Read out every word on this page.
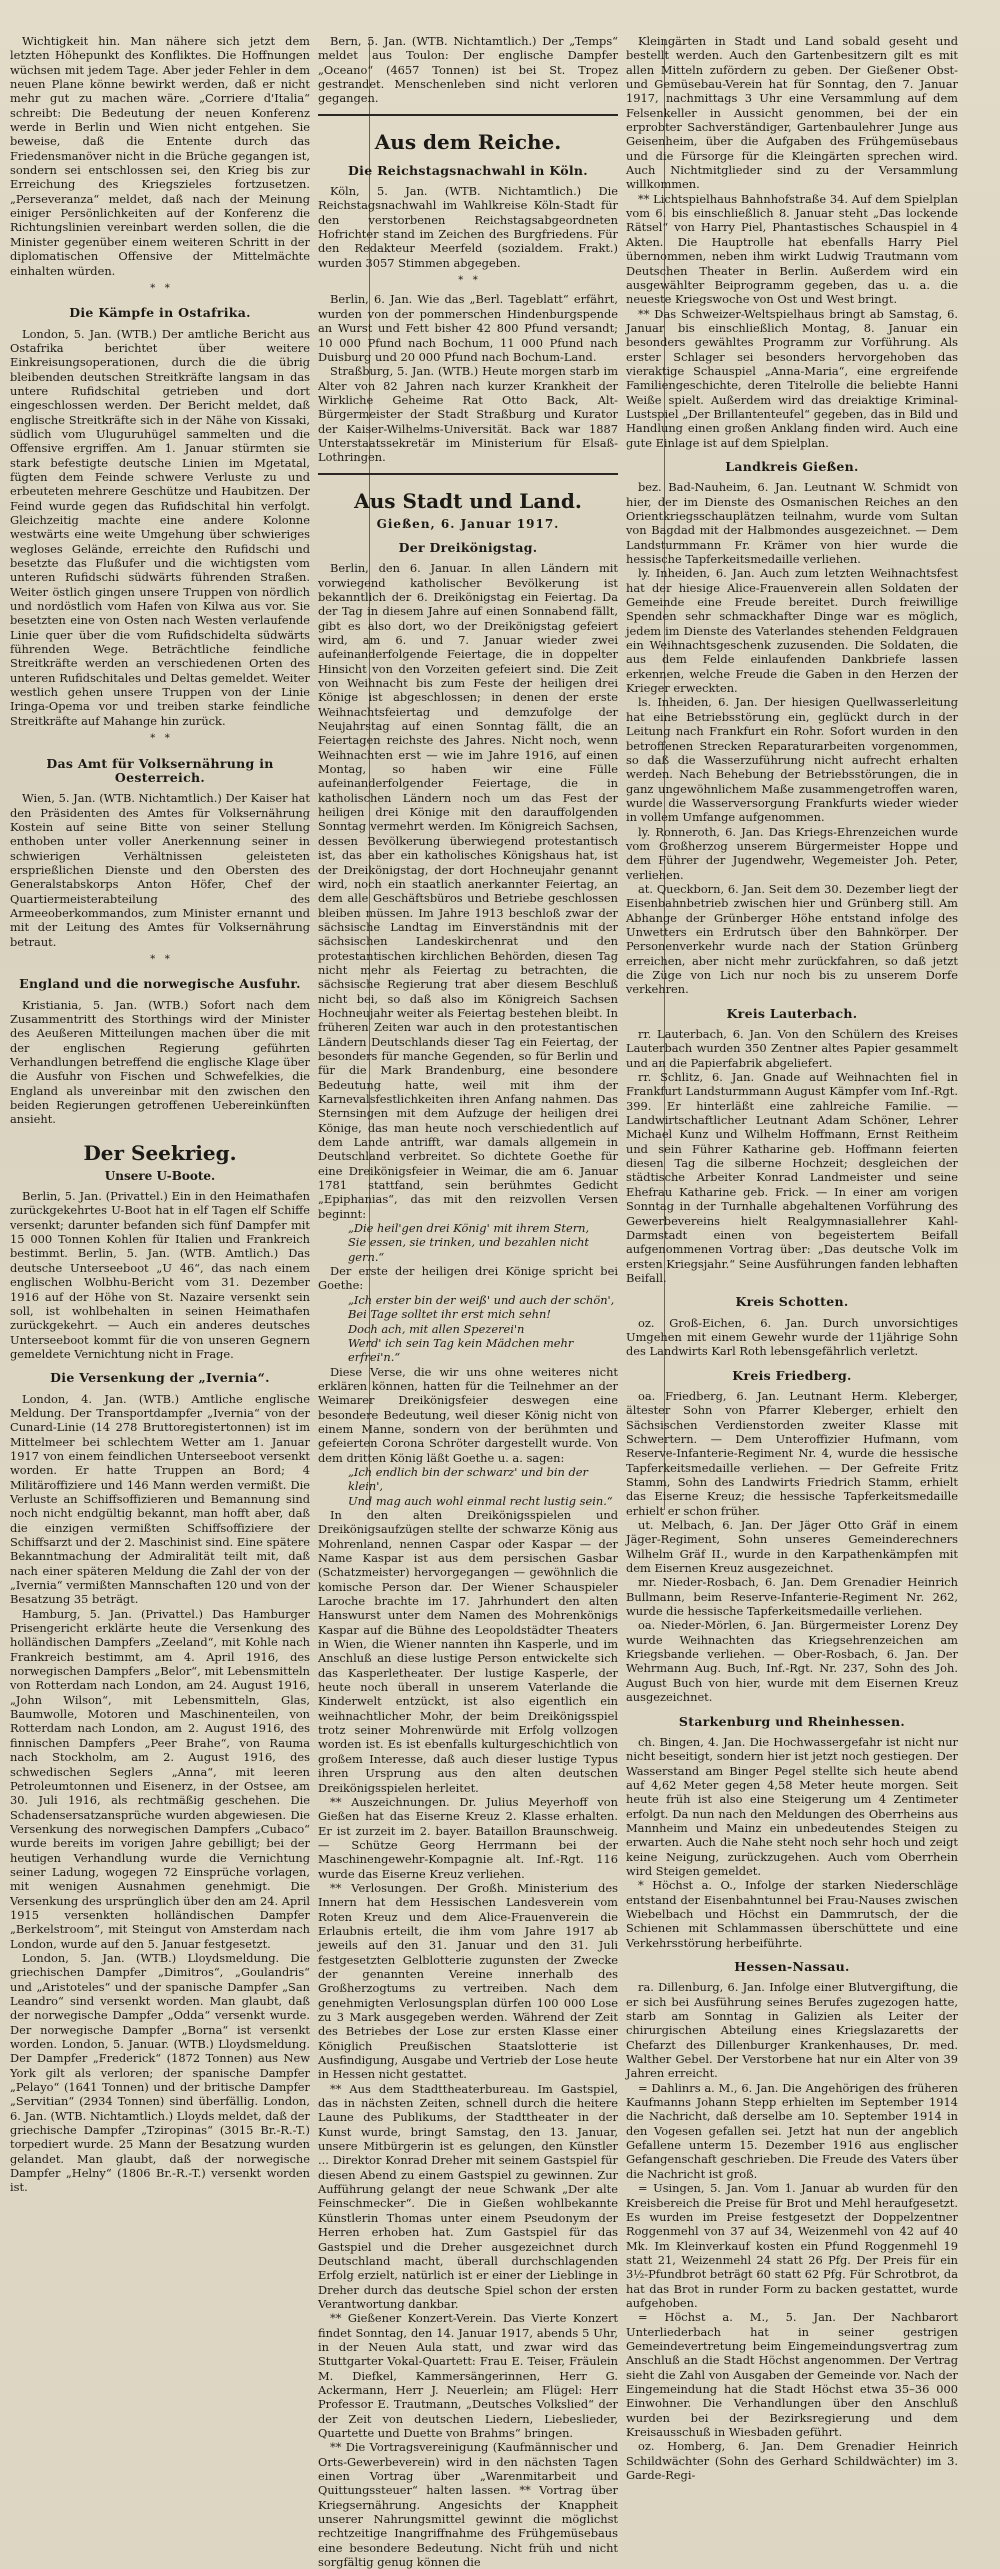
Wichtigkeit hin. Man nähere sich jetzt dem letzten Höhepunkt des Konfliktes. Die Hoffnungen wüchsen mit jedem Tage. Aber jeder Fehler in dem neuen Plane könne bewirkt werden, daß er nicht mehr gut zu machen wäre. „Corriere d'Italia“ schreibt: Die Bedeutung der neuen Konferenz werde in Berlin und Wien nicht entgehen. Sie beweise, daß die Entente durch das Friedensmanöver nicht in die Brüche gegangen ist, sondern sei entschlossen sei, den Krieg bis zur Erreichung des Kriegszieles fortzusetzen. „Perseveranza“ meldet, daß nach der Meinung einiger Persönlichkeiten auf der Konferenz die Richtungslinien vereinbart werden sollen, die die Minister gegenüber einem weiteren Schritt in der diplomatischen Offensive der Mittelmächte einhalten würden.

*   *
Die Kämpfe in Ostafrika.

London, 5. Jan. (WTB.) Der amtliche Bericht aus Ostafrika berichtet über weitere Einkreisungsoperationen, durch die die übrig bleibenden deutschen Streitkräfte langsam in das untere Rufidschital getrieben und dort eingeschlossen werden. Der Bericht meldet, daß englische Streitkräfte sich in der Nähe von Kissaki, südlich vom Uluguruhügel sammelten und die Offensive ergriffen. Am 1. Januar stürmten sie stark befestigte deutsche Linien im Mgetatal, fügten dem Feinde schwere Verluste zu und erbeuteten mehrere Geschütze und Haubitzen. Der Feind wurde gegen das Rufidschital hin verfolgt. Gleichzeitig machte eine andere Kolonne westwärts eine weite Umgehung über schwieriges wegloses Gelände, erreichte den Rufidschi und besetzte das Flußufer und die wichtigsten vom unteren Rufidschi südwärts führenden Straßen. Weiter östlich gingen unsere Truppen von nördlich und nordöstlich vom Hafen von Kilwa aus vor. Sie besetzten eine von Osten nach Westen verlaufende Linie quer über die vom Rufidschidelta südwärts führenden Wege. Beträchtliche feindliche Streitkräfte werden an verschiedenen Orten des unteren Rufidschitales und Deltas gemeldet. Weiter westlich gehen unsere Truppen von der Linie Iringa-Opema vor und treiben starke feindliche Streitkräfte auf Mahange hin zurück.

*   *
Das Amt für Volksernährung in Oesterreich.

Wien, 5. Jan. (WTB. Nichtamtlich.) Der Kaiser hat den Präsidenten des Amtes für Volksernährung Kostein auf seine Bitte von seiner Stellung enthoben unter voller Anerkennung seiner in schwierigen Verhältnissen geleisteten ersprießlichen Dienste und den Obersten des Generalstabskorps Anton Höfer, Chef der Quartiermeisterabteilung des Armeeoberkommandos, zum Minister ernannt und mit der Leitung des Amtes für Volksernährung betraut.

*   *
England und die norwegische Ausfuhr.

Kristiania, 5. Jan. (WTB.) Sofort nach dem Zusammentritt des Storthings wird der Minister des Aeußeren Mitteilungen machen über die mit der englischen Regierung geführten Verhandlungen betreffend die englische Klage über die Ausfuhr von Fischen und Schwefelkies, die England als unvereinbar mit den zwischen den beiden Regierungen getroffenen Uebereinkünften ansieht.

Der Seekrieg.
Unsere U-Boote.

Berlin, 5. Jan. (Privattel.) Ein in den Heimathafen zurückgekehrtes U-Boot hat in elf Tagen elf Schiffe versenkt; darunter befanden sich fünf Dampfer mit 15 000 Tonnen Kohlen für Italien und Frankreich bestimmt. Berlin, 5. Jan. (WTB. Amtlich.) Das deutsche Unterseeboot „U 46“, das nach einem englischen Wolbhu-Bericht vom 31. Dezember 1916 auf der Höhe von St. Nazaire versenkt sein soll, ist wohlbehalten in seinen Heimathafen zurückgekehrt. — Auch ein anderes deutsches Unterseeboot kommt für die von unseren Gegnern gemeldete Vernichtung nicht in Frage.

Die Versenkung der „Ivernia“.

London, 4. Jan. (WTB.) Amtliche englische Meldung. Der Transportdampfer „Ivernia“ von der Cunard-Linie (14 278 Bruttoregistertonnen) ist im Mittelmeer bei schlechtem Wetter am 1. Januar 1917 von einem feindlichen Unterseeboot versenkt worden. Er hatte Truppen an Bord; 4 Militäroffiziere und 146 Mann werden vermißt. Die Verluste an Schiffsoffizieren und Bemannung sind noch nicht endgültig bekannt, man hofft aber, daß die einzigen vermißten Schiffsoffiziere der Schiffsarzt und der 2. Maschinist sind. Eine spätere Bekanntmachung der Admiralität teilt mit, daß nach einer späteren Meldung die Zahl der von der „Ivernia“ vermißten Mannschaften 120 und von der Besatzung 35 beträgt.

Hamburg, 5. Jan. (Privattel.) Das Hamburger Prisengericht erklärte heute die Versenkung des holländischen Dampfers „Zeeland“, mit Kohle nach Frankreich bestimmt, am 4. April 1916, des norwegischen Dampfers „Belor“, mit Lebensmitteln von Rotterdam nach London, am 24. August 1916, „John Wilson“, mit Lebensmitteln, Glas, Baumwolle, Motoren und Maschinenteilen, von Rotterdam nach London, am 2. August 1916, des finnischen Dampfers „Peer Brahe“, von Rauma nach Stockholm, am 2. August 1916, des schwedischen Seglers „Anna“, mit leeren Petroleumtonnen und Eisenerz, in der Ostsee, am 30. Juli 1916, als rechtmäßig geschehen. Die Schadensersatzansprüche wurden abgewiesen. Die Versenkung des norwegischen Dampfers „Cubaco“ wurde bereits im vorigen Jahre gebilligt; bei der heutigen Verhandlung wurde die Vernichtung seiner Ladung, wogegen 72 Einsprüche vorlagen, mit wenigen Ausnahmen genehmigt. Die Versenkung des ursprünglich über den am 24. April 1915 versenkten holländischen Dampfer „Berkelstroom“, mit Steingut von Amsterdam nach London, wurde auf den 5. Januar festgesetzt.

London, 5. Jan. (WTB.) Lloydsmeldung. Die griechischen Dampfer „Dimitros“, „Goulandris“ und „Aristoteles“ und der spanische Dampfer „San Leandro“ sind versenkt worden. Man glaubt, daß der norwegische Dampfer „Odda“ versenkt wurde. Der norwegische Dampfer „Borna“ ist versenkt worden. London, 5. Januar. (WTB.) Lloydsmeldung. Der Dampfer „Frederick“ (1872 Tonnen) aus New York gilt als verloren; der spanische Dampfer „Pelayo“ (1641 Tonnen) und der britische Dampfer „Servitian“ (2934 Tonnen) sind überfällig. London, 6. Jan. (WTB. Nichtamtlich.) Lloyds meldet, daß der griechische Dampfer „Tziropinas“ (3015 Br.-R.-T.) torpediert wurde. 25 Mann der Besatzung wurden gelandet. Man glaubt, daß der norwegische Dampfer „Helny“ (1806 Br.-R.-T.) versenkt worden ist.

Bern, 5. Jan. (WTB. Nichtamtlich.) Der „Temps“ meldet aus Toulon: Der englische Dampfer „Oceano“ (4657 Tonnen) ist bei St. Tropez gestrandet. Menschenleben sind nicht verloren gegangen.

Aus dem Reiche.
Die Reichstagsnachwahl in Köln.

Köln, 5. Jan. (WTB. Nichtamtlich.) Die Reichstagsnachwahl im Wahlkreise Köln-Stadt für den verstorbenen Reichstagsabgeordneten Hofrichter stand im Zeichen des Burgfriedens. Für den Redakteur Meerfeld (sozialdem. Frakt.) wurden 3057 Stimmen abgegeben.

*   *

Berlin, 6. Jan. Wie das „Berl. Tageblatt“ erfährt, wurden von der pommerschen Hindenburgspende an Wurst und Fett bisher 42 800 Pfund versandt; 10 000 Pfund nach Bochum, 11 000 Pfund nach Duisburg und 20 000 Pfund nach Bochum-Land.

Straßburg, 5. Jan. (WTB.) Heute morgen starb im Alter von 82 Jahren nach kurzer Krankheit der Wirkliche Geheime Rat Otto Back, Alt-Bürgermeister der Stadt Straßburg und Kurator der Kaiser-Wilhelms-Universität. Back war 1887 Unterstaatssekretär im Ministerium für Elsaß-Lothringen.

Aus Stadt und Land.
Gießen, 6. Januar 1917.
Der Dreikönigstag.

Berlin, den 6. Januar. In allen Ländern mit vorwiegend katholischer Bevölkerung ist bekanntlich der 6. Dreikönigstag ein Feiertag. Da der Tag in diesem Jahre auf einen Sonnabend fällt, gibt es also dort, wo der Dreikönigstag gefeiert wird, am 6. und 7. Januar wieder zwei aufeinanderfolgende Feiertage, die in doppelter Hinsicht von den Vorzeiten gefeiert sind. Die Zeit von Weihnacht bis zum Feste der heiligen drei Könige ist abgeschlossen; in denen der erste Weihnachtsfeiertag und demzufolge der Neujahrstag auf einen Sonntag fällt, die an Feiertagen reichste des Jahres. Nicht noch, wenn Weihnachten erst — wie im Jahre 1916, auf einen Montag, so haben wir eine Fülle aufeinanderfolgender Feiertage, die in katholischen Ländern noch um das Fest der heiligen drei Könige mit den darauffolgenden Sonntag vermehrt werden. Im Königreich Sachsen, dessen Bevölkerung überwiegend protestantisch ist, das aber ein katholisches Königshaus hat, ist der Dreikönigstag, der dort Hochneujahr genannt wird, noch ein staatlich anerkannter Feiertag, an dem alle Geschäftsbüros und Betriebe geschlossen bleiben müssen. Im Jahre 1913 beschloß zwar der sächsische Landtag im Einverständnis mit der sächsischen Landeskirchenrat und den protestantischen kirchlichen Behörden, diesen Tag nicht mehr als Feiertag zu betrachten, die sächsische Regierung trat aber diesem Beschluß nicht bei, so daß also im Königreich Sachsen Hochneujahr weiter als Feiertag bestehen bleibt. In früheren Zeiten war auch in den protestantischen Ländern Deutschlands dieser Tag ein Feiertag, der besonders für manche Gegenden, so für Berlin und für die Mark Brandenburg, eine besondere Bedeutung hatte, weil mit ihm der Karnevalsfestlichkeiten ihren Anfang nahmen. Das Sternsingen mit dem Aufzuge der heiligen drei Könige, das man heute noch verschiedentlich auf dem Lande antrifft, war damals allgemein in Deutschland verbreitet. So dichtete Goethe für eine Dreikönigsfeier in Weimar, die am 6. Januar 1781 stattfand, sein berühmtes Gedicht „Epiphanias“, das mit den reizvollen Versen beginnt:

„Die heil'gen drei König' mit ihrem Stern,
Sie essen, sie trinken, und bezahlen nicht gern.“

Der erste der heiligen drei Könige spricht bei Goethe:

„Ich erster bin der weiß' und auch der schön',
Bei Tage solltet ihr erst mich sehn!
Doch ach, mit allen Spezerei'n
Werd' ich sein Tag kein Mädchen mehr erfrei'n.“

Diese Verse, die wir uns ohne weiteres nicht erklären können, hatten für die Teilnehmer an der Weimarer Dreikönigsfeier deswegen eine besondere Bedeutung, weil dieser König nicht von einem Manne, sondern von der berühmten und gefeierten Corona Schröter dargestellt wurde. Von dem dritten König läßt Goethe u. a. sagen:

„Ich endlich bin der schwarz' und bin der klein',
Und mag auch wohl einmal recht lustig sein.“

In den alten Dreikönigsspielen und Dreikönigsaufzügen stellte der schwarze König aus Mohrenland, nennen Caspar oder Kaspar — der Name Kaspar ist aus dem persischen Gasbar (Schatzmeister) hervorgegangen — gewöhnlich die komische Person dar. Der Wiener Schauspieler Laroche brachte im 17. Jahrhundert den alten Hanswurst unter dem Namen des Mohrenkönigs Kaspar auf die Bühne des Leopoldstädter Theaters in Wien, die Wiener nannten ihn Kasperle, und im Anschluß an diese lustige Person entwickelte sich das Kasperletheater. Der lustige Kasperle, der heute noch überall in unserem Vaterlande die Kinderwelt entzückt, ist also eigentlich ein weihnachtlicher Mohr, der beim Dreikönigsspiel trotz seiner Mohrenwürde mit Erfolg vollzogen worden ist. Es ist ebenfalls kulturgeschichtlich von großem Interesse, daß auch dieser lustige Typus ihren Ursprung aus den alten deutschen Dreikönigsspielen herleitet.

** Auszeichnungen. Dr. Julius Meyerhoff von Gießen hat das Eiserne Kreuz 2. Klasse erhalten. Er ist zurzeit im 2. bayer. Bataillon Braunschweig. — Schütze Georg Herrmann bei der Maschinengewehr-Kompagnie alt. Inf.-Rgt. 116 wurde das Eiserne Kreuz verliehen.

** Verlosungen. Der Großh. Ministerium des Innern hat dem Hessischen Landesverein vom Roten Kreuz und dem Alice-Frauenverein die Erlaubnis erteilt, die ihm vom Jahre 1917 ab jeweils auf den 31. Januar und den 31. Juli festgesetzten Gelblotterie zugunsten der Zwecke der genannten Vereine innerhalb des Großherzogtums zu vertreiben. Nach dem genehmigten Verlosungsplan dürfen 100 000 Lose zu 3 Mark ausgegeben werden. Während der Zeit des Betriebes der Lose zur ersten Klasse einer Königlich Preußischen Staatslotterie ist Ausfindigung, Ausgabe und Vertrieb der Lose heute in Hessen nicht gestattet.

** Aus dem Stadttheaterbureau. Im Gastspiel, das in nächsten Zeiten, schnell durch die heitere Laune des Publikums, der Stadttheater in der Kunst wurde, bringt Samstag, den 13. Januar, unsere Mitbürgerin ist es gelungen, den Künstler ... Direktor Konrad Dreher mit seinem Gastspiel für diesen Abend zu einem Gastspiel zu gewinnen. Zur Aufführung gelangt der neue Schwank „Der alte Feinschmecker“. Die in Gießen wohlbekannte Künstlerin Thomas unter einem Pseudonym der Herren erhoben hat. Zum Gastspiel für das Gastspiel und die Dreher ausgezeichnet durch Deutschland macht, überall durchschlagenden Erfolg erzielt, natürlich ist er einer der Lieblinge in Dreher durch das deutsche Spiel schon der ersten Verantwortung dankbar.

** Gießener Konzert-Verein. Das Vierte Konzert findet Sonntag, den 14. Januar 1917, abends 5 Uhr, in der Neuen Aula statt, und zwar wird das Stuttgarter Vokal-Quartett: Frau E. Teiser, Fräulein M. Diefkel, Kammersängerinnen, Herr G. Ackermann, Herr J. Neuerlein; am Flügel: Herr Professor E. Trautmann, „Deutsches Volkslied“ der der Zeit von deutschen Liedern, Liebeslieder, Quartette und Duette von Brahms“ bringen.

** Die Vortragsvereinigung (Kaufmännischer und Orts-Gewerbeverein) wird in den nächsten Tagen einen Vortrag über „Warenmitarbeit und Quittungssteuer“ halten lassen. ** Vortrag über Kriegsernährung. Angesichts der Knappheit unserer Nahrungsmittel gewinnt die möglichst rechtzeitige Inangriffnahme des Frühgemüsebaus eine besondere Bedeutung. Nicht früh und nicht sorgfältig genug können die

Kleingärten in Stadt und Land sobald geseht und bestellt werden. Auch den Gartenbesitzern gilt es mit allen Mitteln zufördern zu geben. Der Gießener Obst- und Gemüsebau-Verein hat für Sonntag, den 7. Januar 1917, nachmittags 3 Uhr eine Versammlung auf dem Felsenkeller in Aussicht genommen, bei der ein erprobter Sachverständiger, Gartenbaulehrer Junge aus Geisenheim, über die Aufgaben des Frühgemüsebaus und die Fürsorge für die Kleingärten sprechen wird. Auch Nichtmitglieder sind zu der Versammlung willkommen.

** Lichtspielhaus Bahnhofstraße 34. Auf dem Spielplan vom 6. bis einschließlich 8. Januar steht „Das lockende Rätsel“ von Harry Piel, Phantastisches Schauspiel in 4 Akten. Die Hauptrolle hat ebenfalls Harry Piel übernommen, neben ihm wirkt Ludwig Trautmann vom Deutschen Theater in Berlin. Außerdem wird ein ausgewählter Beiprogramm gegeben, das u. a. die neueste Kriegswoche von Ost und West bringt.

** Das Schweizer-Weltspielhaus bringt ab Samstag, 6. Januar bis einschließlich Montag, 8. Januar ein besonders gewähltes Programm zur Vorführung. Als erster Schlager sei besonders hervorgehoben das vieraktige Schauspiel „Anna-Maria“, eine ergreifende Familiengeschichte, deren Titelrolle die beliebte Hanni Weiße spielt. Außerdem wird das dreiaktige Kriminal-Lustspiel „Der Brillantenteufel“ gegeben, das in Bild und Handlung einen großen Anklang finden wird. Auch eine gute Einlage ist auf dem Spielplan.

Landkreis Gießen.

bez. Bad-Nauheim, 6. Jan. Leutnant W. Schmidt von hier, der im Dienste des Osmanischen Reiches an den Orientkriegsschauplätzen teilnahm, wurde vom Sultan von Bagdad mit der Halbmondes ausgezeichnet. — Dem Landsturmmann Fr. Krämer von hier wurde die hessische Tapferkeitsmedaille verliehen.

ly. Inheiden, 6. Jan. Auch zum letzten Weihnachtsfest hat der hiesige Alice-Frauenverein allen Soldaten der Gemeinde eine Freude bereitet. Durch freiwillige Spenden sehr schmackhafter Dinge war es möglich, jedem im Dienste des Vaterlandes stehenden Feldgrauen ein Weihnachtsgeschenk zuzusenden. Die Soldaten, die aus dem Felde einlaufenden Dankbriefe lassen erkennen, welche Freude die Gaben in den Herzen der Krieger erweckten.

ls. Inheiden, 6. Jan. Der hiesigen Quellwasserleitung hat eine Betriebsstörung ein, geglückt durch in der Leitung nach Frankfurt ein Rohr. Sofort wurden in den betroffenen Strecken Reparaturarbeiten vorgenommen, so daß die Wasserzuführung nicht aufrecht erhalten werden. Nach Behebung der Betriebsstörungen, die in ganz ungewöhnlichem Maße zusammengetroffen waren, wurde die Wasserversorgung Frankfurts wieder wieder in vollem Umfange aufgenommen.

ly. Ronneroth, 6. Jan. Das Kriegs-Ehrenzeichen wurde vom Großherzog unserem Bürgermeister Hoppe und dem Führer der Jugendwehr, Wegemeister Joh. Peter, verliehen.

at. Queckborn, 6. Jan. Seit dem 30. Dezember liegt der Eisenbahnbetrieb zwischen hier und Grünberg still. Am Abhange der Grünberger Höhe entstand infolge des Unwetters ein Erdrutsch über den Bahnkörper. Der Personenverkehr wurde nach der Station Grünberg erreichen, aber nicht mehr zurückfahren, so daß jetzt die Züge von Lich nur noch bis zu unserem Dorfe verkehren.

Kreis Lauterbach.

rr. Lauterbach, 6. Jan. Von den Schülern des Kreises Lauterbach wurden 350 Zentner altes Papier gesammelt und an die Papierfabrik abgeliefert.

rr. Schlitz, 6. Jan. Gnade auf Weihnachten fiel in Frankfurt Landsturmmann August Kämpfer vom Inf.-Rgt. 399. Er hinterläßt eine zahlreiche Familie. — Landwirtschaftlicher Leutnant Adam Schöner, Lehrer Michael Kunz und Wilhelm Hoffmann, Ernst Reitheim und sein Führer Katharine geb. Hoffmann feierten diesen Tag die silberne Hochzeit; desgleichen der städtische Arbeiter Konrad Landmeister und seine Ehefrau Katharine geb. Frick. — In einer am vorigen Sonntag in der Turnhalle abgehaltenen Vorführung des Gewerbevereins hielt Realgymnasiallehrer Kahl-Darmstadt einen von begeistertem Beifall aufgenommenen Vortrag über: „Das deutsche Volk im ersten Kriegsjahr.“ Seine Ausführungen fanden lebhaften Beifall.

Kreis Schotten.

oz. Groß-Eichen, 6. Jan. Durch unvorsichtiges Umgehen mit einem Gewehr wurde der 11jährige Sohn des Landwirts Karl Roth lebensgefährlich verletzt.

Kreis Friedberg.

oa. Friedberg, 6. Jan. Leutnant Herm. Kleberger, ältester Sohn von Pfarrer Kleberger, erhielt den Sächsischen Verdienstorden zweiter Klasse mit Schwertern. — Dem Unteroffizier Hufmann, vom Reserve-Infanterie-Regiment Nr. 4, wurde die hessische Tapferkeitsmedaille verliehen. — Der Gefreite Fritz Stamm, Sohn des Landwirts Friedrich Stamm, erhielt das Eiserne Kreuz; die hessische Tapferkeitsmedaille erhielt er schon früher.

ut. Melbach, 6. Jan. Der Jäger Otto Gräf in einem Jäger-Regiment, Sohn unseres Gemeinderechners Wilhelm Gräf II., wurde in den Karpathenkämpfen mit dem Eisernen Kreuz ausgezeichnet.

mr. Nieder-Rosbach, 6. Jan. Dem Grenadier Heinrich Bullmann, beim Reserve-Infanterie-Regiment Nr. 262, wurde die hessische Tapferkeitsmedaille verliehen.

oa. Nieder-Mörlen, 6. Jan. Bürgermeister Lorenz Dey wurde Weihnachten das Kriegsehrenzeichen am Kriegsbande verliehen. — Ober-Rosbach, 6. Jan. Der Wehrmann Aug. Buch, Inf.-Rgt. Nr. 237, Sohn des Joh. August Buch von hier, wurde mit dem Eisernen Kreuz ausgezeichnet.

Starkenburg und Rheinhessen.

ch. Bingen, 4. Jan. Die Hochwassergefahr ist nicht nur nicht beseitigt, sondern hier ist jetzt noch gestiegen. Der Wasserstand am Binger Pegel stellte sich heute abend auf 4,62 Meter gegen 4,58 Meter heute morgen. Seit heute früh ist also eine Steigerung um 4 Zentimeter erfolgt. Da nun nach den Meldungen des Oberrheins aus Mannheim und Mainz ein unbedeutendes Steigen zu erwarten. Auch die Nahe steht noch sehr hoch und zeigt keine Neigung, zurückzugehen. Auch vom Oberrhein wird Steigen gemeldet.

* Höchst a. O., Infolge der starken Niederschläge entstand der Eisenbahntunnel bei Frau-Nauses zwischen Wiebelbach und Höchst ein Dammrutsch, der die Schienen mit Schlammassen überschüttete und eine Verkehrsstörung herbeiführte.

Hessen-Nassau.

ra. Dillenburg, 6. Jan. Infolge einer Blutvergiftung, die er sich bei Ausführung seines Berufes zugezogen hatte, starb am Sonntag in Galizien als Leiter der chirurgischen Abteilung eines Kriegslazaretts der Chefarzt des Dillenburger Krankenhauses, Dr. med. Walther Gebel. Der Verstorbene hat nur ein Alter von 39 Jahren erreicht.

= Dahlinrs a. M., 6. Jan. Die Angehörigen des früheren Kaufmanns Johann Stepp erhielten im September 1914 die Nachricht, daß derselbe am 10. September 1914 in den Vogesen gefallen sei. Jetzt hat nun der angeblich Gefallene unterm 15. Dezember 1916 aus englischer Gefangenschaft geschrieben. Die Freude des Vaters über die Nachricht ist groß.

= Usingen, 5. Jan. Vom 1. Januar ab wurden für den Kreisbereich die Preise für Brot und Mehl heraufgesetzt. Es wurden im Preise festgesetzt der Doppelzentner Roggenmehl von 37 auf 34, Weizenmehl von 42 auf 40 Mk. Im Kleinverkauf kosten ein Pfund Roggenmehl 19 statt 21, Weizenmehl 24 statt 26 Pfg. Der Preis für ein 3½-Pfundbrot beträgt 60 statt 62 Pfg. Für Schrotbrot, da hat das Brot in runder Form zu backen gestattet, wurde aufgehoben.

= Höchst a. M., 5. Jan. Der Nachbarort Unterliederbach hat in seiner gestrigen Gemeindevertretung beim Eingemeindungsvertrag zum Anschluß an die Stadt Höchst angenommen. Der Vertrag sieht die Zahl von Ausgaben der Gemeinde vor. Nach der Eingemeindung hat die Stadt Höchst etwa 35–36 000 Einwohner. Die Verhandlungen über den Anschluß wurden bei der Bezirksregierung und dem Kreisausschuß in Wiesbaden geführt.

oz. Homberg, 6. Jan. Dem Grenadier Heinrich Schildwächter (Sohn des Gerhard Schildwächter) im 3. Garde-Regi-
